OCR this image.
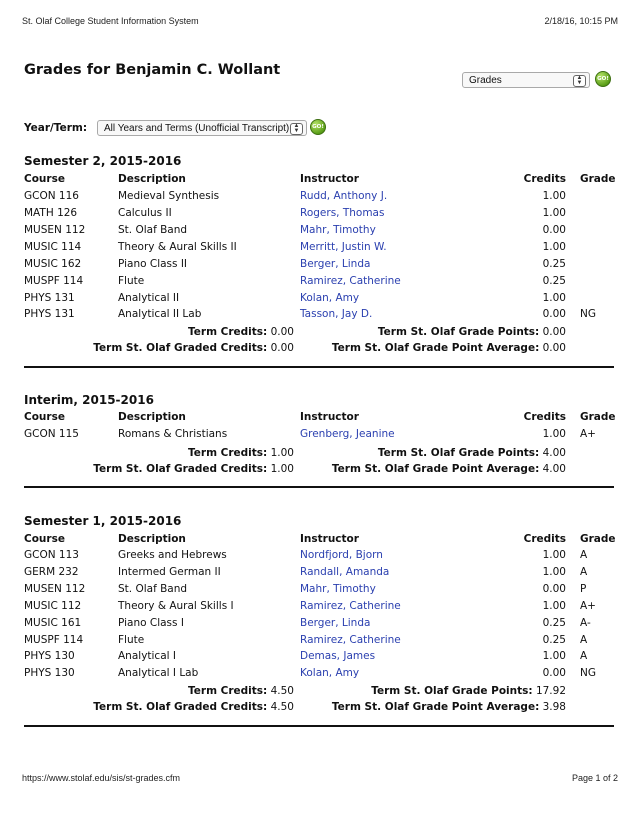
St. Olaf College Student Information System	2/18/16, 10:15 PM
Grades for Benjamin C. Wollant
Grades	▲
▼
GO!
Year/Term:	All Years and Terms (Unofficial Transcript) ▲
▼
GO!
Semester 2, 2015-2016
Course	Description	Instructor	Credits Grade
GCON 116	Medieval Synthesis	Rudd, Anthony J.	1.00
MATH 126	Calculus II	Rogers, Thomas	1.00
MUSEN 112	St. Olaf Band	Mahr, Timothy	0.00
MUSIC 114	Theory & Aural Skills II	Merritt, Justin W.	1.00
MUSIC 162	Piano Class II	Berger, Linda	0.25
MUSPF 114	Flute	Ramirez, Catherine	0.25
PHYS 131	Analytical II	Kolan, Amy	1.00
PHYS 131	Analytical II Lab	Tasson, Jay D.	0.00 NG
Term Credits: 0.00	Term St. Olaf Grade Points: 0.00
Term St. Olaf Graded Credits: 0.00	Term St. Olaf Grade Point Average: 0.00
Interim, 2015-2016
Course	Description	Instructor	Credits Grade
GCON 115	Romans & Christians	Grenberg, Jeanine	1.00 A+
Term Credits: 1.00	Term St. Olaf Grade Points: 4.00
Term St. Olaf Graded Credits: 1.00	Term St. Olaf Grade Point Average: 4.00
Semester 1, 2015-2016
Course	Description	Instructor	Credits Grade
GCON 113	Greeks and Hebrews	Nordfjord, Bjorn	1.00 A
GERM 232	Intermed German II	Randall, Amanda	1.00 A
MUSEN 112	St. Olaf Band	Mahr, Timothy	0.00 P
MUSIC 112	Theory & Aural Skills I	Ramirez, Catherine	1.00 A+
MUSIC 161	Piano Class I	Berger, Linda	0.25 A-
MUSPF 114	Flute	Ramirez, Catherine	0.25 A
PHYS 130	Analytical I	Demas, James	1.00 A
PHYS 130	Analytical I Lab	Kolan, Amy	0.00 NG
Term Credits: 4.50	Term St. Olaf Grade Points: 17.92
Term St. Olaf Graded Credits: 4.50	Term St. Olaf Grade Point Average: 3.98
https://www.stolaf.edu/sis/st-grades.cfm	Page 1 of 2
